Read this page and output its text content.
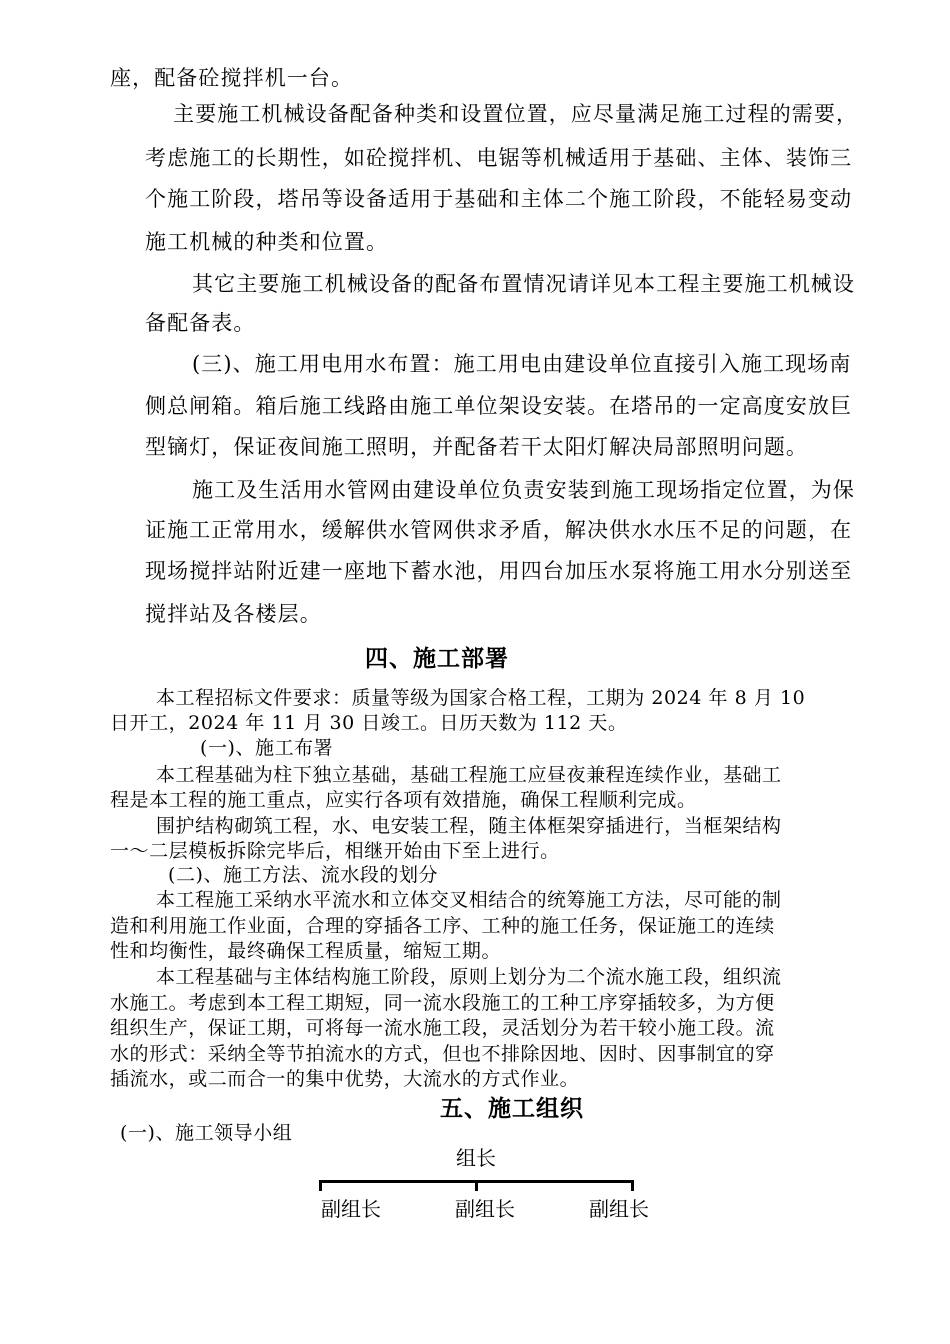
座，配备砼搅拌机一台。

主要施工机械设备配备种类和设置位置，应尽量满足施工过程的需要，

考虑施工的长期性，如砼搅拌机、电锯等机械适用于基础、主体、装饰三

个施工阶段，塔吊等设备适用于基础和主体二个施工阶段，不能轻易变动

施工机械的种类和位置。

其它主要施工机械设备的配备布置情况请详见本工程主要施工机械设

备配备表。

(三)、施工用电用水布置：施工用电由建设单位直接引入施工现场南

侧总闸箱。箱后施工线路由施工单位架设安装。在塔吊的一定高度安放巨

型镝灯，保证夜间施工照明，并配备若干太阳灯解决局部照明问题。

施工及生活用水管网由建设单位负责安装到施工现场指定位置，为保

证施工正常用水，缓解供水管网供求矛盾，解决供水水压不足的问题，在

现场搅拌站附近建一座地下蓄水池，用四台加压水泵将施工用水分别送至

搅拌站及各楼层。

四、施工部署

本工程招标文件要求：质量等级为国家合格工程，工期为 2024 年 8 月 10

日开工，2024 年 11 月 30 日竣工。日历天数为 112 天。

(一)、施工布署

本工程基础为柱下独立基础，基础工程施工应昼夜兼程连续作业，基础工

程是本工程的施工重点，应实行各项有效措施，确保工程顺利完成。

围护结构砌筑工程，水、电安装工程，随主体框架穿插进行，当框架结构

一～二层模板拆除完毕后，相继开始由下至上进行。

(二)、施工方法、流水段的划分

本工程施工采纳水平流水和立体交叉相结合的统筹施工方法，尽可能的制

造和利用施工作业面，合理的穿插各工序、工种的施工任务，保证施工的连续

性和均衡性，最终确保工程质量，缩短工期。

本工程基础与主体结构施工阶段，原则上划分为二个流水施工段，组织流

水施工。考虑到本工程工期短，同一流水段施工的工种工序穿插较多，为方便

组织生产，保证工期，可将每一流水施工段，灵活划分为若干较小施工段。流

水的形式：采纳全等节拍流水的方式，但也不排除因地、因时、因事制宜的穿

插流水，或二而合一的集中优势，大流水的方式作业。

五、施工组织

(一)、施工领导小组

组长
副组长	副组长	副组长
